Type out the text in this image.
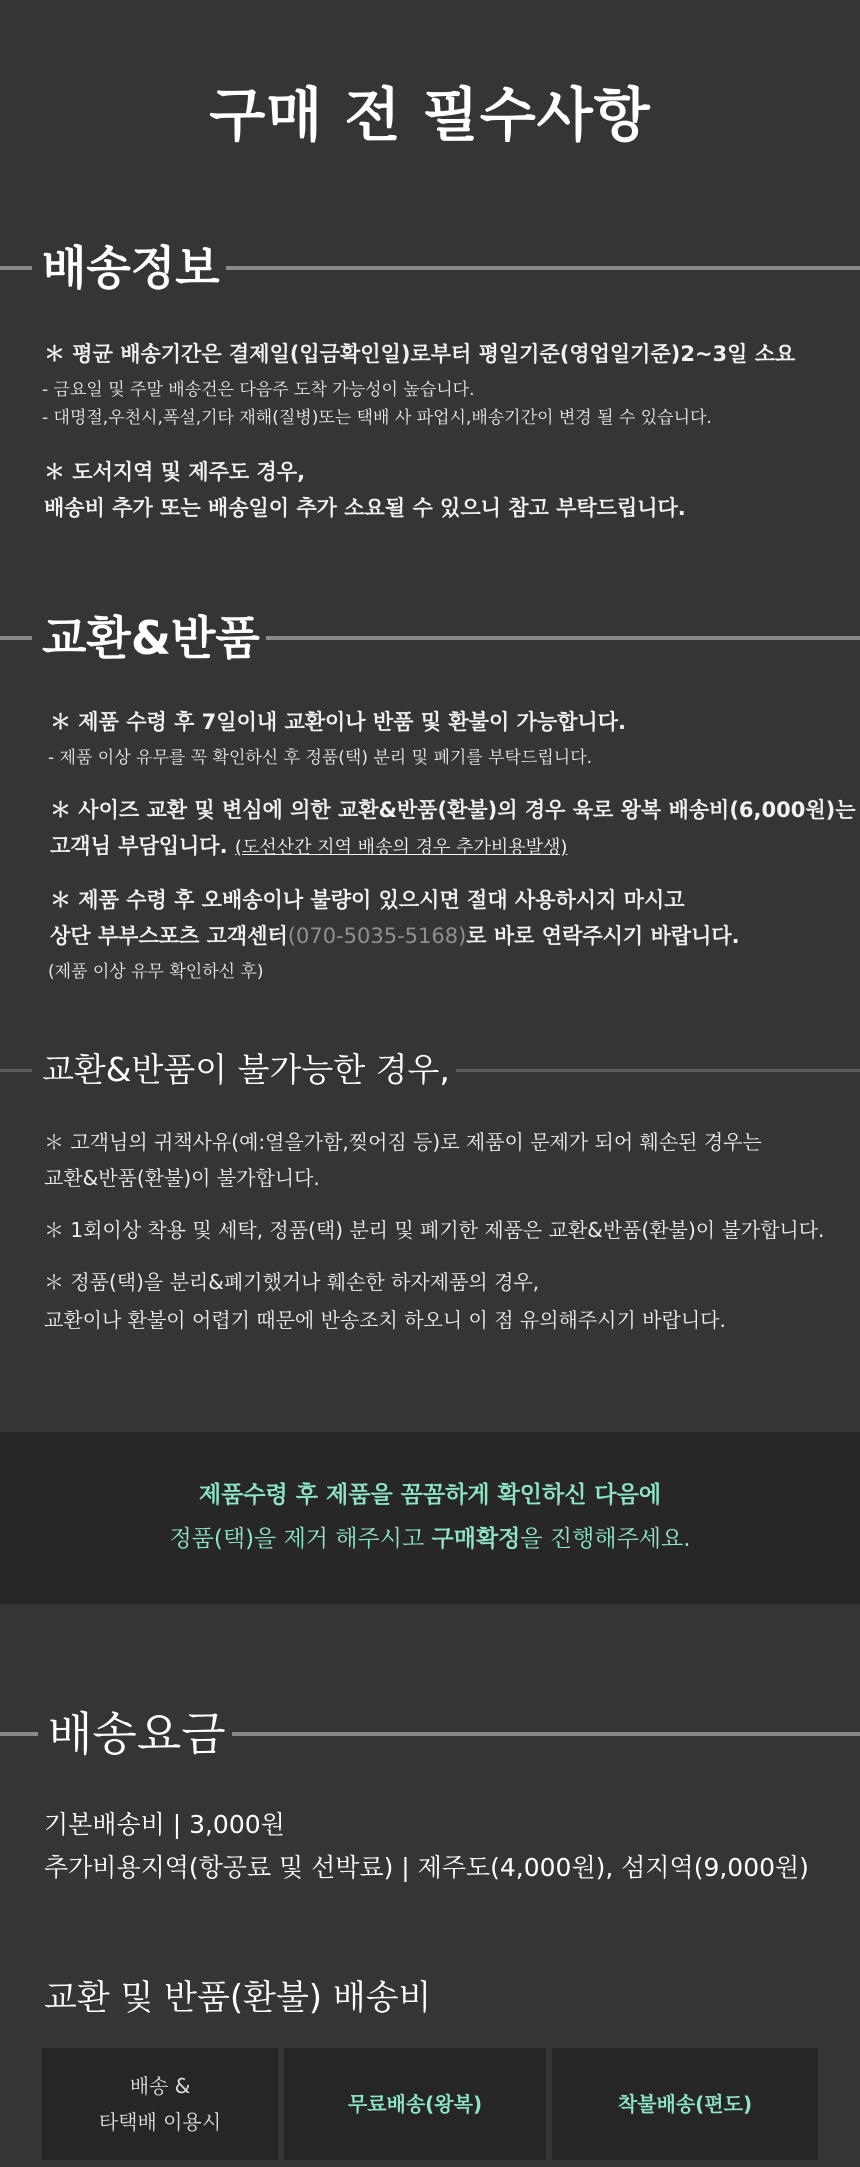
구매 전 필수사항
배송정보
＊ 평균 배송기간은 결제일(입금확인일)로부터 평일기준(영업일기준)2~3일 소요
- 금요일 및 주말 배송건은 다음주 도착 가능성이 높습니다.
- 대명절,우천시,폭설,기타 재해(질병)또는 택배 사 파업시,배송기간이 변경 될 수 있습니다.
＊ 도서지역 및 제주도 경우,
배송비 추가 또는 배송일이 추가 소요될 수 있으니 참고 부탁드립니다.
교환&반품
＊ 제품 수령 후 7일이내 교환이나 반품 및 환불이 가능합니다.
- 제품 이상 유무를 꼭 확인하신 후 정품(택) 분리 및 폐기를 부탁드립니다.
＊ 사이즈 교환 및 변심에 의한 교환&반품(환불)의 경우 육로 왕복 배송비(6,000원)는
고객님 부담입니다. (도선산간 지역 배송의 경우 추가비용발생)
＊ 제품 수령 후 오배송이나 불량이 있으시면 절대 사용하시지 마시고
상단 부부스포츠 고객센터(070-5035-5168)로 바로 연락주시기 바랍니다.
(제품 이상 유무 확인하신 후)
교환&반품이 불가능한 경우,
＊ 고객님의 귀책사유(예:열을가함,찢어짐 등)로 제품이 문제가 되어 훼손된 경우는
교환&반품(환불)이 불가합니다.
＊ 1회이상 착용 및 세탁, 정품(택) 분리 및 폐기한 제품은 교환&반품(환불)이 불가합니다.
＊ 정품(택)을 분리&폐기했거나 훼손한 하자제품의 경우,
교환이나 환불이 어렵기 때문에 반송조치 하오니 이 점 유의해주시기 바랍니다.
제품수령 후 제품을 꼼꼼하게 확인하신 다음에
정품(택)을 제거 해주시고 구매확정을 진행해주세요.
배송요금
기본배송비 | 3,000원
추가비용지역(항공료 및 선박료) | 제주도(4,000원), 섬지역(9,000원)
교환 및 반품(환불) 배송비
배송 &
타택배 이용시
무료배송(왕복)	착불배송(편도)
